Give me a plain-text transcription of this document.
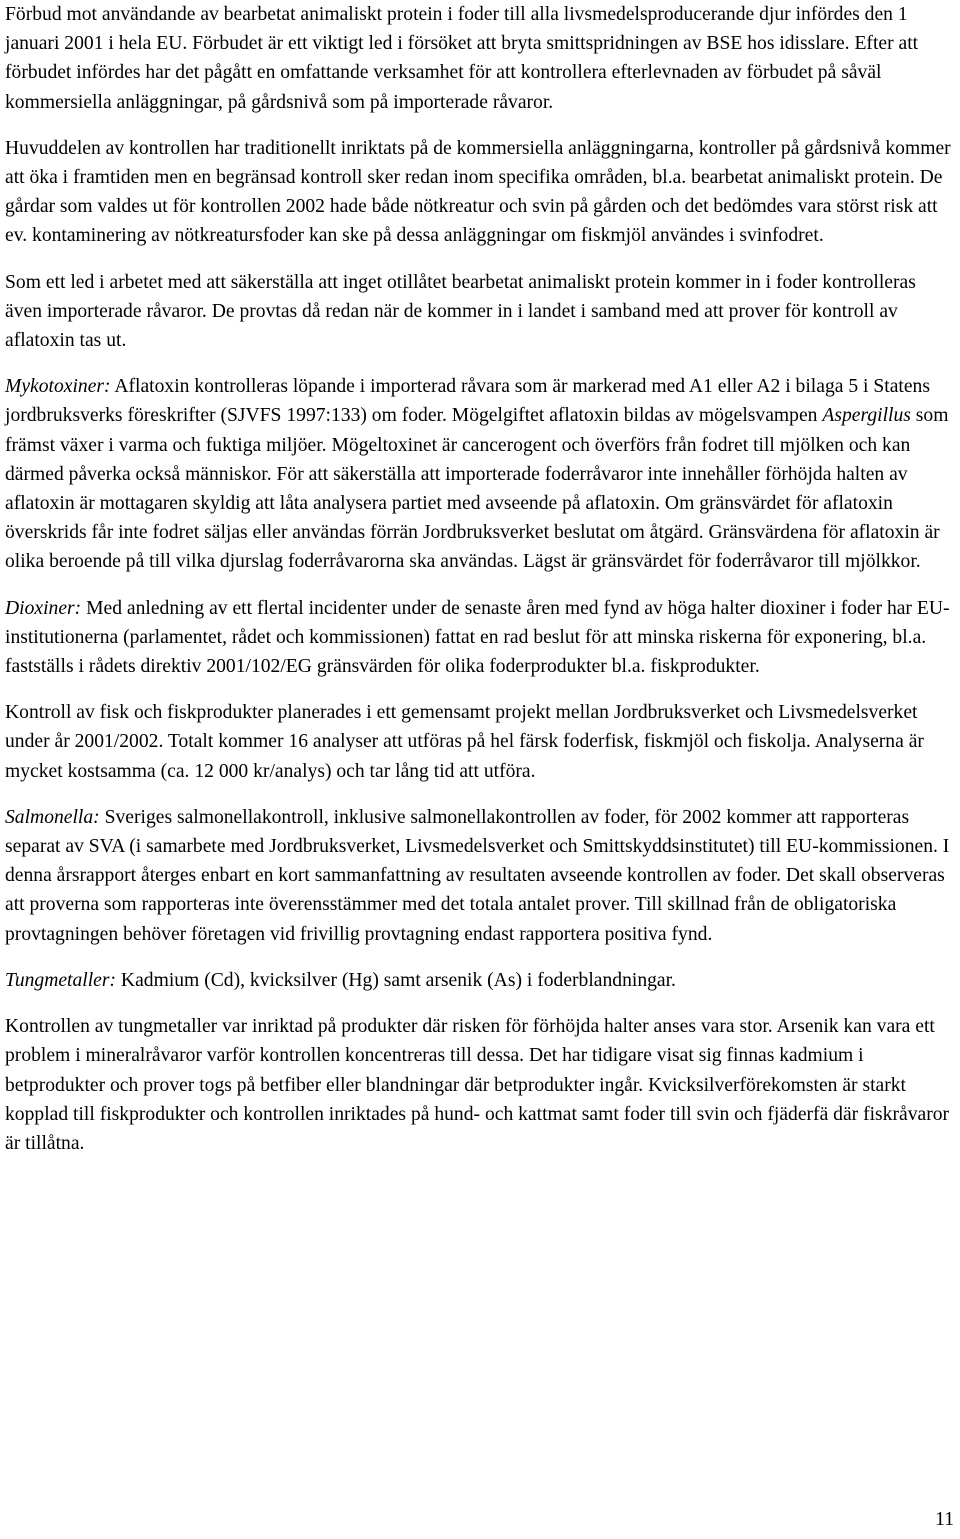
Förbud mot användande av bearbetat animaliskt protein i foder till alla livsmedelsproducerande djur infördes den 1 januari 2001 i hela EU. Förbudet är ett viktigt led i försöket att bryta smittspridningen av BSE hos idisslare. Efter att förbudet infördes har det pågått en omfattande verksamhet för att kontrollera efterlevnaden av förbudet på såväl kommersiella anläggningar, på gårdsnivå som på importerade råvaror.

Huvuddelen av kontrollen har traditionellt inriktats på de kommersiella anläggningarna, kontroller på gårdsnivå kommer att öka i framtiden men en begränsad kontroll sker redan inom specifika områden, bl.a. bearbetat animaliskt protein. De gårdar som valdes ut för kontrollen 2002 hade både nötkreatur och svin på gården och det bedömdes vara störst risk att ev. kontaminering av nötkreatursfoder kan ske på dessa anläggningar om fiskmjöl användes i svinfodret.

Som ett led i arbetet med att säkerställa att inget otillåtet bearbetat animaliskt protein kommer in i foder kontrolleras även importerade råvaror. De provtas då redan när de kommer in i landet i samband med att prover för kontroll av aflatoxin tas ut.

Mykotoxiner: Aflatoxin kontrolleras löpande i importerad råvara som är markerad med A1 eller A2 i bilaga 5 i Statens jordbruksverks föreskrifter (SJVFS 1997:133) om foder. Mögelgiftet aflatoxin bildas av mögelsvampen Aspergillus som främst växer i varma och fuktiga miljöer. Mögeltoxinet är cancerogent och överförs från fodret till mjölken och kan därmed påverka också människor. För att säkerställa att importerade foderråvaror inte innehåller förhöjda halten av aflatoxin är mottagaren skyldig att låta analysera partiet med avseende på aflatoxin. Om gränsvärdet för aflatoxin överskrids får inte fodret säljas eller användas förrän Jordbruksverket beslutat om åtgärd. Gränsvärdena för aflatoxin är olika beroende på till vilka djurslag foderråvarorna ska användas. Lägst är gränsvärdet för foderråvaror till mjölkkor.

Dioxiner: Med anledning av ett flertal incidenter under de senaste åren med fynd av höga halter dioxiner i foder har EU-institutionerna (parlamentet, rådet och kommissionen) fattat en rad beslut för att minska riskerna för exponering, bl.a. fastställs i rådets direktiv 2001/102/EG gränsvärden för olika foderprodukter bl.a. fiskprodukter.

Kontroll av fisk och fiskprodukter planerades i ett gemensamt projekt mellan Jordbruksverket och Livsmedelsverket under år 2001/2002. Totalt kommer 16 analyser att utföras på hel färsk foderfisk, fiskmjöl och fiskolja. Analyserna är mycket kostsamma (ca. 12 000 kr/analys) och tar lång tid att utföra.

Salmonella: Sveriges salmonellakontroll, inklusive salmonellakontrollen av foder, för 2002 kommer att rapporteras separat av SVA (i samarbete med Jordbruksverket, Livsmedelsverket och Smittskyddsinstitutet) till EU-kommissionen. I denna årsrapport återges enbart en kort sammanfattning av resultaten avseende kontrollen av foder. Det skall observeras att proverna som rapporteras inte överensstämmer med det totala antalet prover. Till skillnad från de obligatoriska provtagningen behöver företagen vid frivillig provtagning endast rapportera positiva fynd.

Tungmetaller: Kadmium (Cd), kvicksilver (Hg) samt arsenik (As) i foderblandningar.

Kontrollen av tungmetaller var inriktad på produkter där risken för förhöjda halter anses vara stor. Arsenik kan vara ett problem i mineralråvaror varför kontrollen koncentreras till dessa. Det har tidigare visat sig finnas kadmium i betprodukter och prover togs på betfiber eller blandningar där betprodukter ingår. Kvicksilverförekomsten är starkt kopplad till fiskprodukter och kontrollen inriktades på hund- och kattmat samt foder till svin och fjäderfä där fiskråvaror är tillåtna.

11
